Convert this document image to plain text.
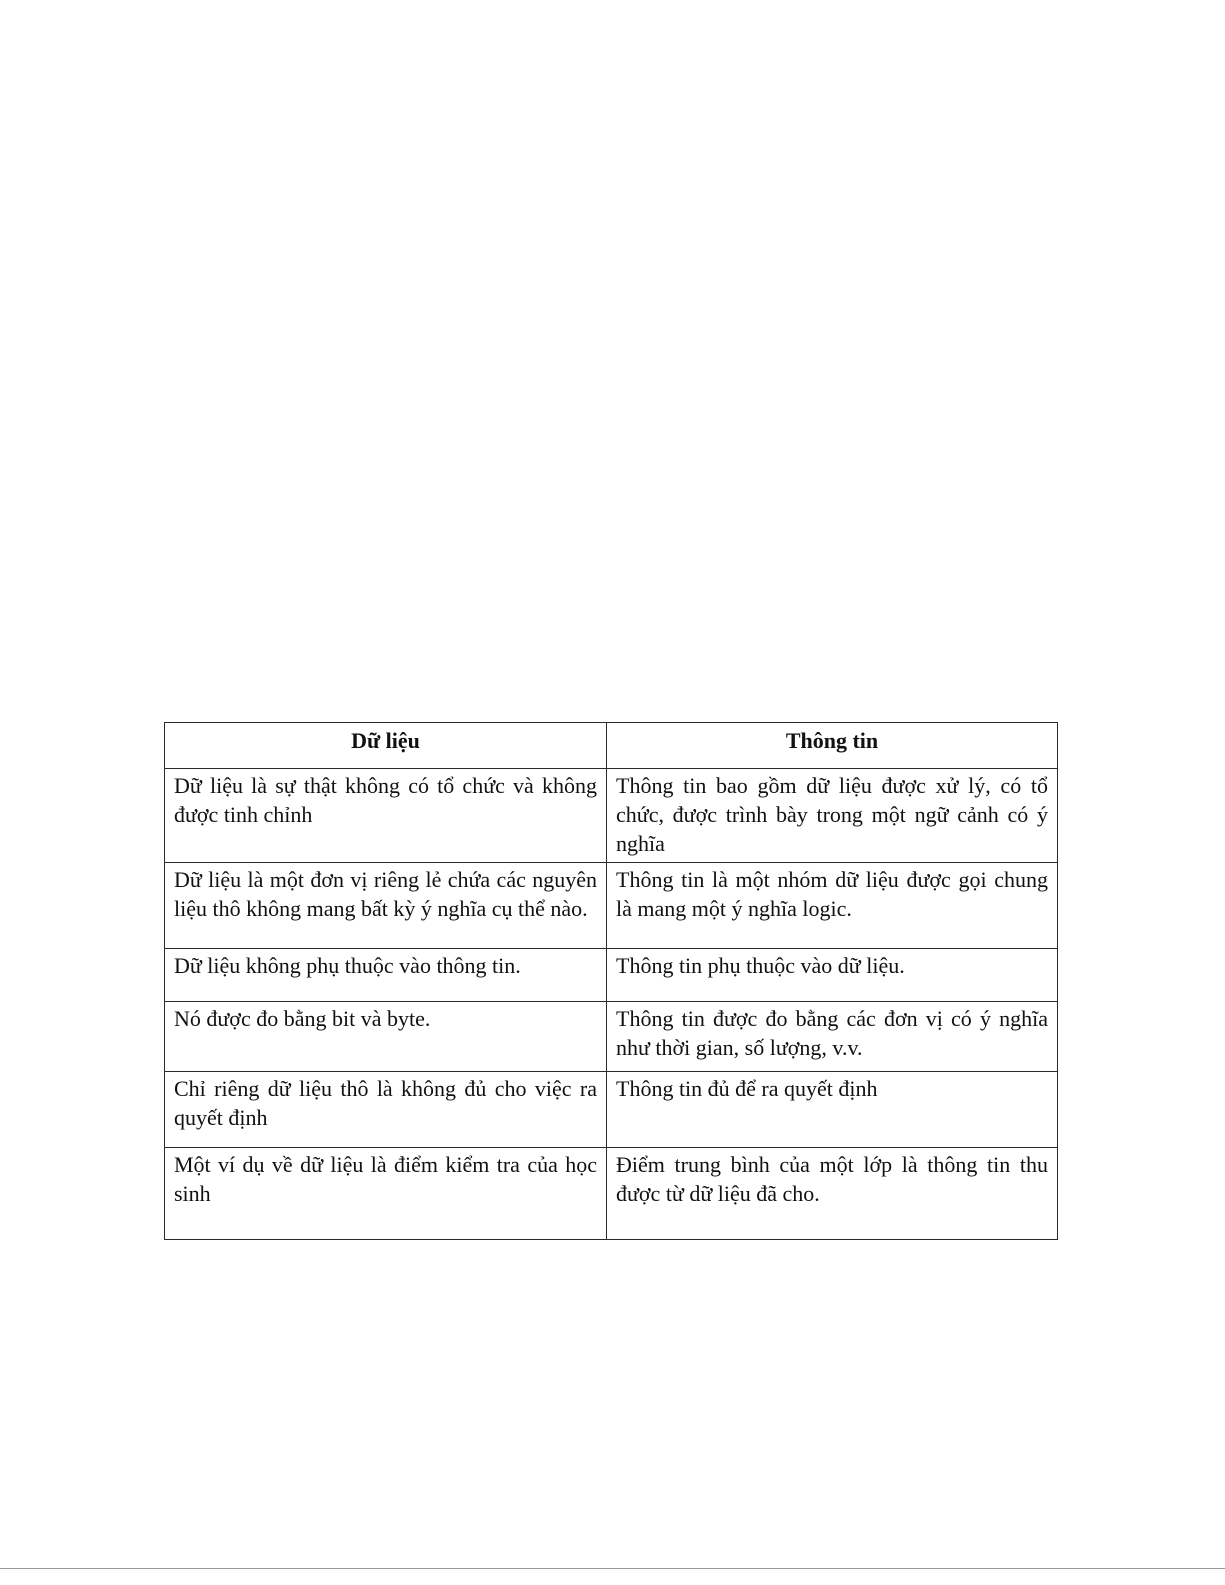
Dữ liệu	Thông tin
Dữ liệu là sự thật không có tổ chức và không được tinh chỉnh	Thông tin bao gồm dữ liệu được xử lý, có tổ chức, được trình bày trong một ngữ cảnh có ý nghĩa
Dữ liệu là một đơn vị riêng lẻ chứa các nguyên liệu thô không mang bất kỳ ý nghĩa cụ thể nào.	Thông tin là một nhóm dữ liệu được gọi chung là mang một ý nghĩa logic.
Dữ liệu không phụ thuộc vào thông tin.	Thông tin phụ thuộc vào dữ liệu.
Nó được đo bằng bit và byte.	Thông tin được đo bằng các đơn vị có ý nghĩa như thời gian, số lượng, v.v.
Chỉ riêng dữ liệu thô là không đủ cho việc ra quyết định	Thông tin đủ để ra quyết định
Một ví dụ về dữ liệu là điểm kiểm tra của học sinh	Điểm trung bình của một lớp là thông tin thu được từ dữ liệu đã cho.
